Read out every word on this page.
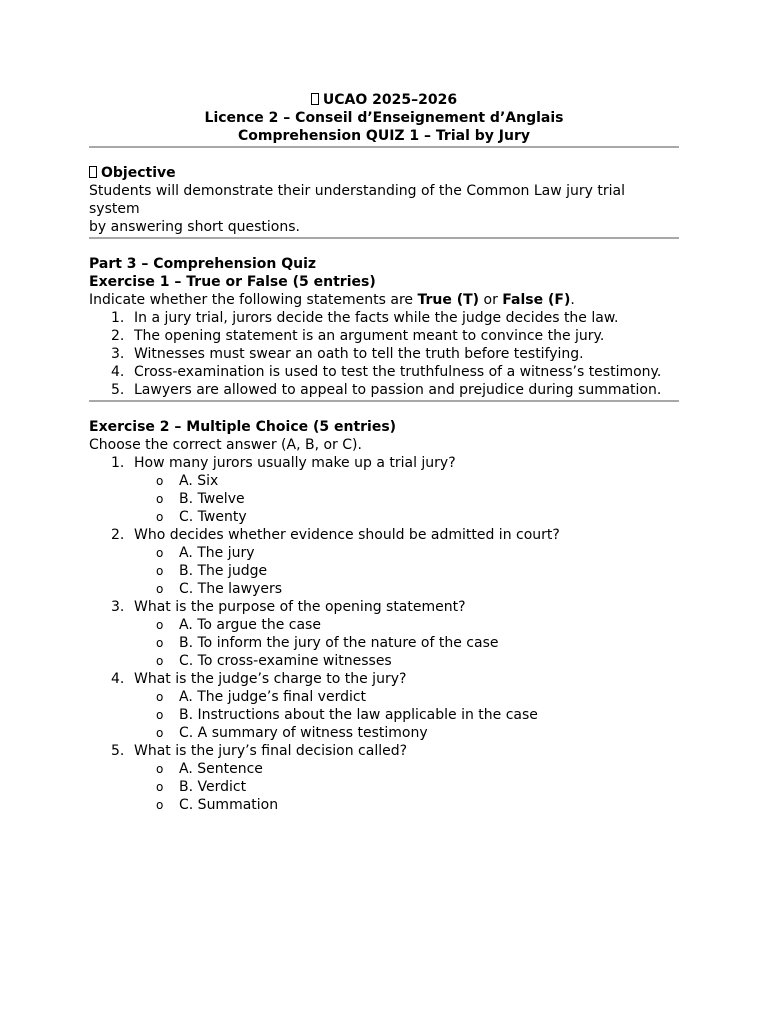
UCAO 2025–2026
Licence 2 – Conseil d’Enseignement d’Anglais
Comprehension QUIZ 1 – Trial by Jury
Objective
Students will demonstrate their understanding of the Common Law jury trial system
by answering short questions.
Part 3 – Comprehension Quiz
Exercise 1 – True or False (5 entries)
Indicate whether the following statements are True (T) or False (F).
1. In a jury trial, jurors decide the facts while the judge decides the law.
2. The opening statement is an argument meant to convince the jury.
3. Witnesses must swear an oath to tell the truth before testifying.
4. Cross-examination is used to test the truthfulness of a witness’s testimony.
5. Lawyers are allowed to appeal to passion and prejudice during summation.
Exercise 2 – Multiple Choice (5 entries)
Choose the correct answer (A, B, or C).
1. How many jurors usually make up a trial jury?
o A. Six
o B. Twelve
o C. Twenty
2. Who decides whether evidence should be admitted in court?
o A. The jury
o B. The judge
o C. The lawyers
3. What is the purpose of the opening statement?
o A. To argue the case
o B. To inform the jury of the nature of the case
o C. To cross-examine witnesses
4. What is the judge’s charge to the jury?
o A. The judge’s final verdict
o B. Instructions about the law applicable in the case
o C. A summary of witness testimony
5. What is the jury’s final decision called?
o A. Sentence
o B. Verdict
o C. Summation
